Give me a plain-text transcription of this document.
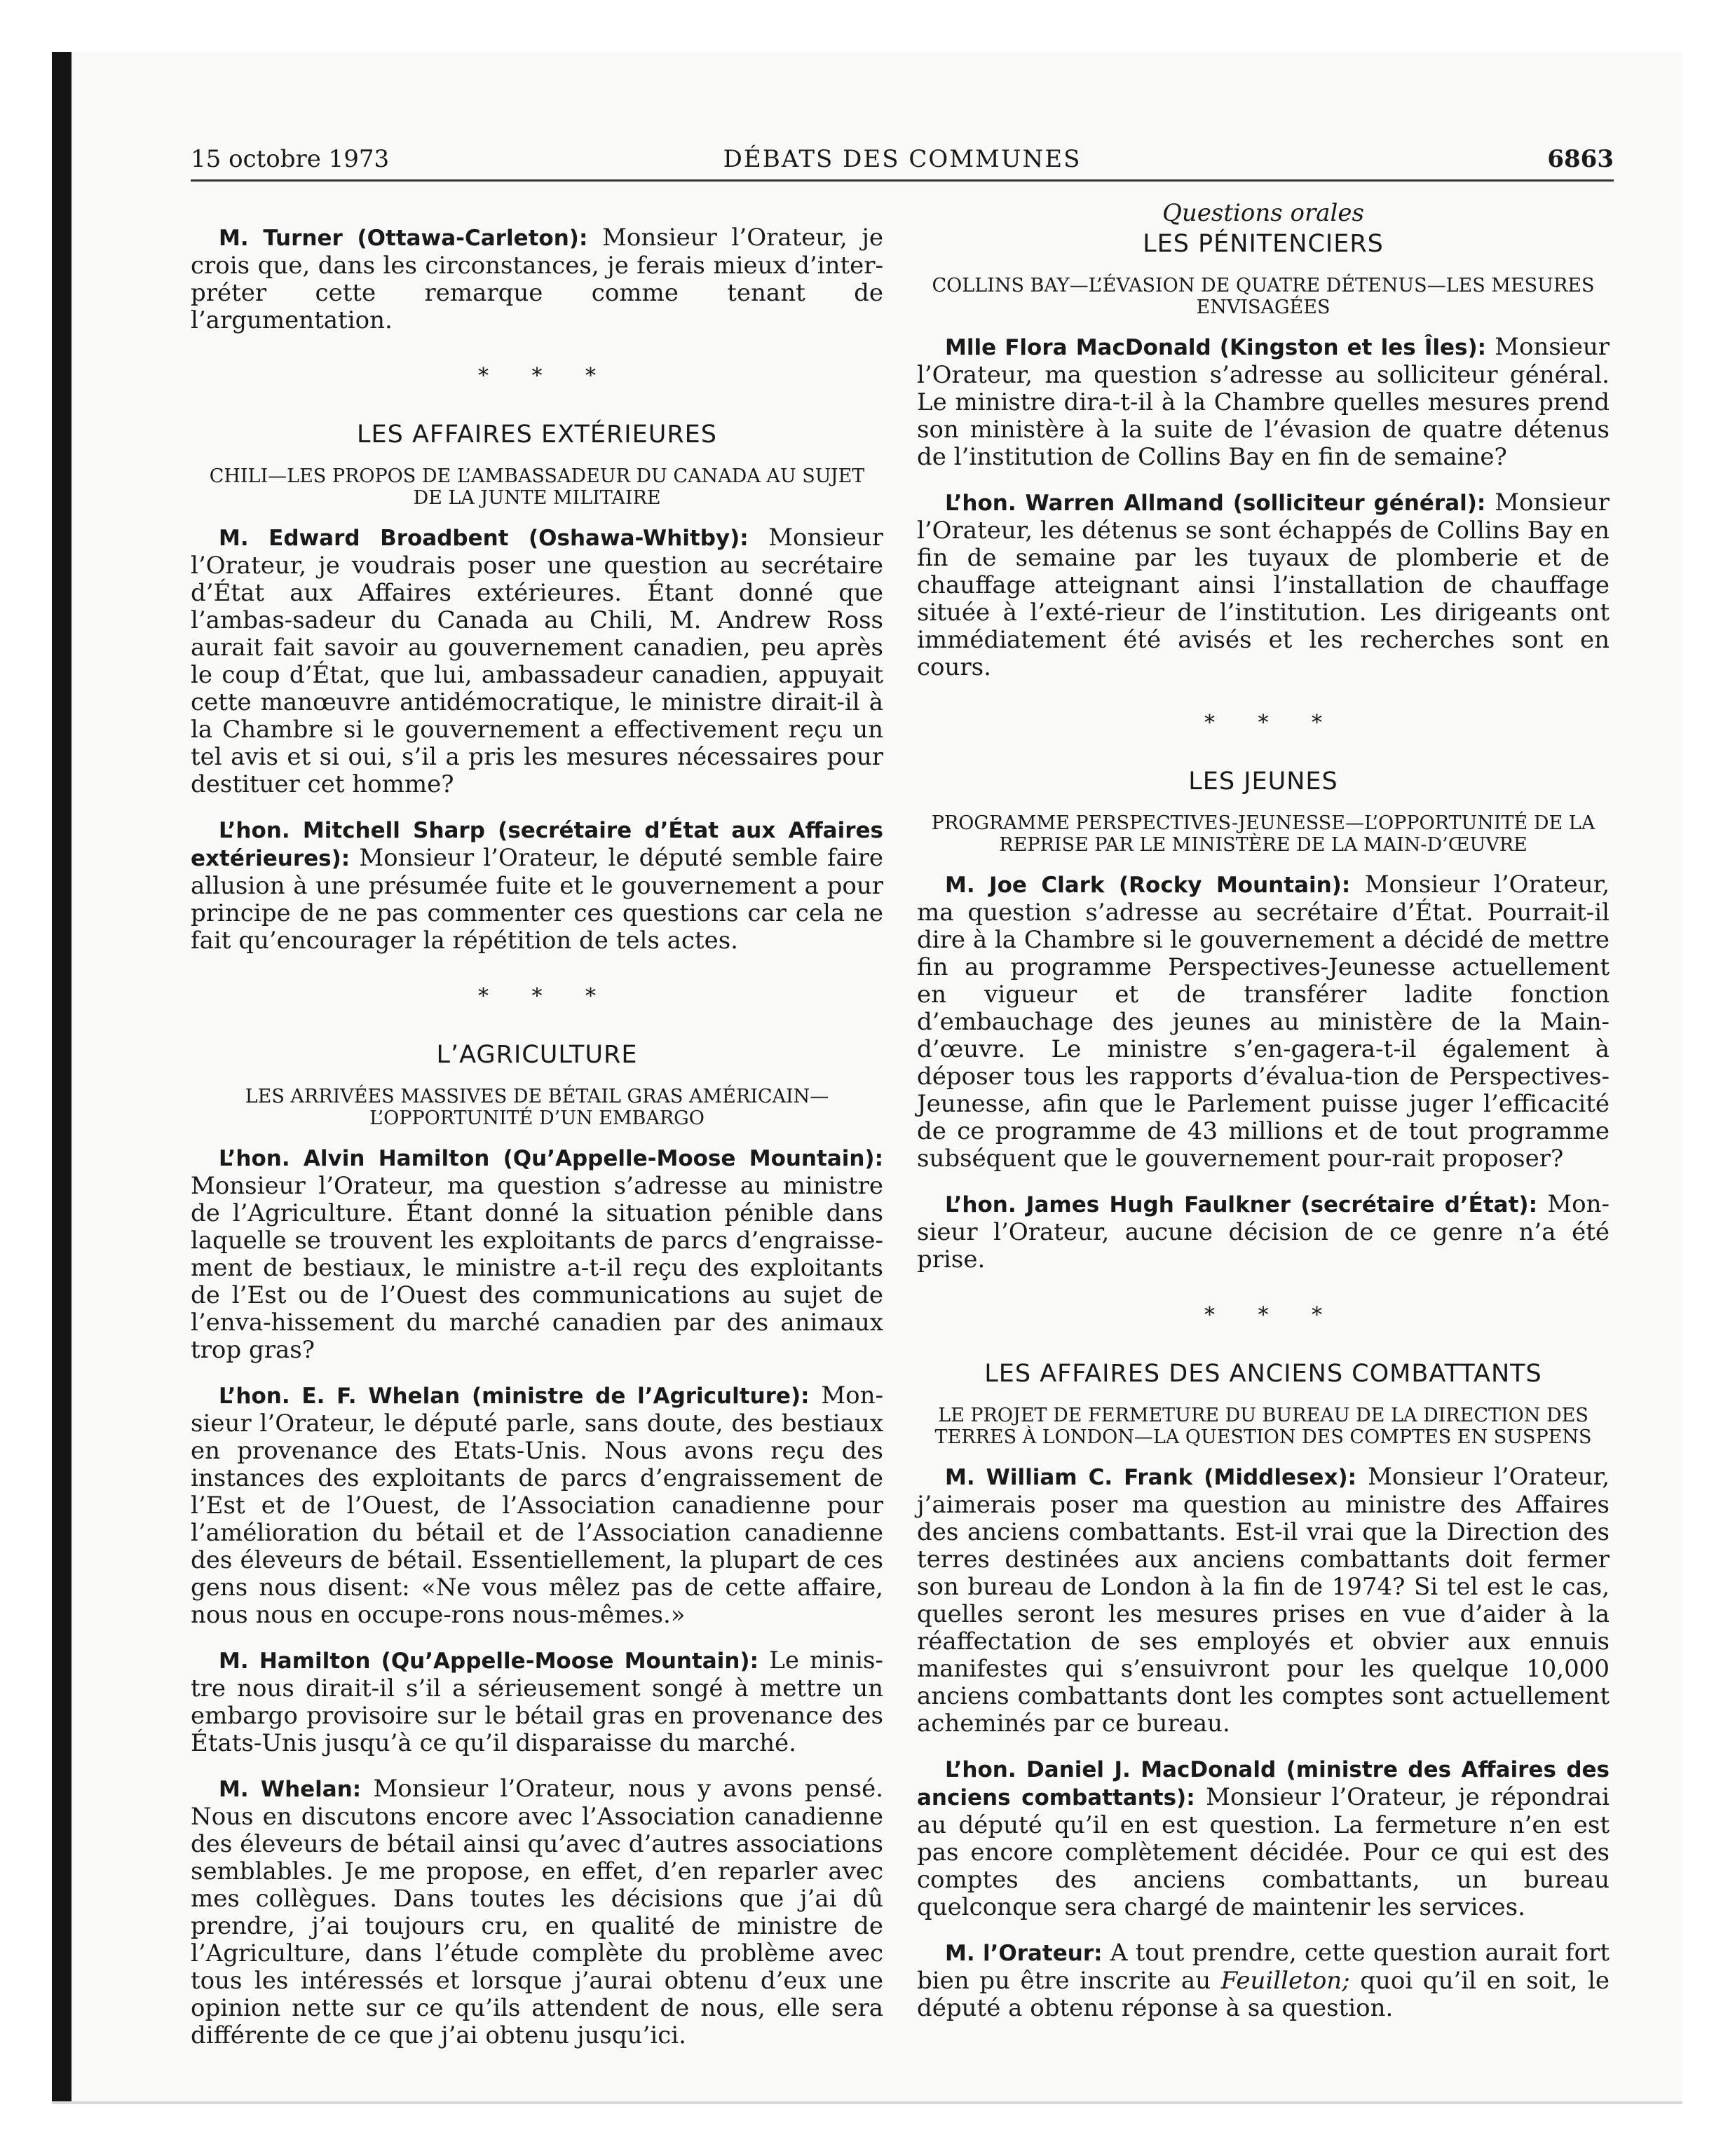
15 octobre 1973	DÉBATS DES COMMUNES	6863

M. Turner (Ottawa-Carleton): Monsieur l’Orateur, je crois que, dans les circonstances, je ferais mieux d’inter-préter cette remarque comme tenant de l’argumentation.

* * *
LES AFFAIRES EXTÉRIEURES
CHILI—LES PROPOS DE L’AMBASSADEUR DU CANADA AU SUJET DE LA JUNTE MILITAIRE

M. Edward Broadbent (Oshawa-Whitby): Monsieur l’Orateur, je voudrais poser une question au secrétaire d’État aux Affaires extérieures. Étant donné que l’ambas-sadeur du Canada au Chili, M. Andrew Ross aurait fait savoir au gouvernement canadien, peu après le coup d’État, que lui, ambassadeur canadien, appuyait cette manœuvre antidémocratique, le ministre dirait-il à la Chambre si le gouvernement a effectivement reçu un tel avis et si oui, s’il a pris les mesures nécessaires pour destituer cet homme?

L’hon. Mitchell Sharp (secrétaire d’État aux Affaires extérieures): Monsieur l’Orateur, le député semble faire allusion à une présumée fuite et le gouvernement a pour principe de ne pas commenter ces questions car cela ne fait qu’encourager la répétition de tels actes.

* * *
L’AGRICULTURE
LES ARRIVÉES MASSIVES DE BÉTAIL GRAS AMÉRICAIN—L’OPPORTUNITÉ D’UN EMBARGO

L’hon. Alvin Hamilton (Qu’Appelle-Moose Mountain): Monsieur l’Orateur, ma question s’adresse au ministre de l’Agriculture. Étant donné la situation pénible dans laquelle se trouvent les exploitants de parcs d’engraisse-ment de bestiaux, le ministre a-t-il reçu des exploitants de l’Est ou de l’Ouest des communications au sujet de l’enva-hissement du marché canadien par des animaux trop gras?

L’hon. E. F. Whelan (ministre de l’Agriculture): Mon-sieur l’Orateur, le député parle, sans doute, des bestiaux en provenance des Etats-Unis. Nous avons reçu des instances des exploitants de parcs d’engraissement de l’Est et de l’Ouest, de l’Association canadienne pour l’amélioration du bétail et de l’Association canadienne des éleveurs de bétail. Essentiellement, la plupart de ces gens nous disent: «Ne vous mêlez pas de cette affaire, nous nous en occupe-rons nous-mêmes.»

M. Hamilton (Qu’Appelle-Moose Mountain): Le minis-tre nous dirait-il s’il a sérieusement songé à mettre un embargo provisoire sur le bétail gras en provenance des États-Unis jusqu’à ce qu’il disparaisse du marché.

M. Whelan: Monsieur l’Orateur, nous y avons pensé. Nous en discutons encore avec l’Association canadienne des éleveurs de bétail ainsi qu’avec d’autres associations semblables. Je me propose, en effet, d’en reparler avec mes collègues. Dans toutes les décisions que j’ai dû prendre, j’ai toujours cru, en qualité de ministre de l’Agriculture, dans l’étude complète du problème avec tous les intéressés et lorsque j’aurai obtenu d’eux une opinion nette sur ce qu’ils attendent de nous, elle sera différente de ce que j’ai obtenu jusqu’ici.

Questions orales
LES PÉNITENCIERS
COLLINS BAY—L’ÉVASION DE QUATRE DÉTENUS—LES MESURES ENVISAGÉES

Mlle Flora MacDonald (Kingston et les Îles): Monsieur l’Orateur, ma question s’adresse au solliciteur général. Le ministre dira-t-il à la Chambre quelles mesures prend son ministère à la suite de l’évasion de quatre détenus de l’institution de Collins Bay en fin de semaine?

L’hon. Warren Allmand (solliciteur général): Monsieur l’Orateur, les détenus se sont échappés de Collins Bay en fin de semaine par les tuyaux de plomberie et de chauffage atteignant ainsi l’installation de chauffage située à l’exté-rieur de l’institution. Les dirigeants ont immédiatement été avisés et les recherches sont en cours.

* * *
LES JEUNES
PROGRAMME PERSPECTIVES-JEUNESSE—L’OPPORTUNITÉ DE LA REPRISE PAR LE MINISTÈRE DE LA MAIN-D’ŒUVRE

M. Joe Clark (Rocky Mountain): Monsieur l’Orateur, ma question s’adresse au secrétaire d’État. Pourrait-il dire à la Chambre si le gouvernement a décidé de mettre fin au programme Perspectives-Jeunesse actuellement en vigueur et de transférer ladite fonction d’embauchage des jeunes au ministère de la Main-d’œuvre. Le ministre s’en-gagera-t-il également à déposer tous les rapports d’évalua-tion de Perspectives-Jeunesse, afin que le Parlement puisse juger l’efficacité de ce programme de 43 millions et de tout programme subséquent que le gouvernement pour-rait proposer?

L’hon. James Hugh Faulkner (secrétaire d’État): Mon-sieur l’Orateur, aucune décision de ce genre n’a été prise.

* * *
LES AFFAIRES DES ANCIENS COMBATTANTS
LE PROJET DE FERMETURE DU BUREAU DE LA DIRECTION DES TERRES À LONDON—LA QUESTION DES COMPTES EN SUSPENS

M. William C. Frank (Middlesex): Monsieur l’Orateur, j’aimerais poser ma question au ministre des Affaires des anciens combattants. Est-il vrai que la Direction des terres destinées aux anciens combattants doit fermer son bureau de London à la fin de 1974? Si tel est le cas, quelles seront les mesures prises en vue d’aider à la réaffectation de ses employés et obvier aux ennuis manifestes qui s’ensuivront pour les quelque 10,000 anciens combattants dont les comptes sont actuellement acheminés par ce bureau.

L’hon. Daniel J. MacDonald (ministre des Affaires des anciens combattants): Monsieur l’Orateur, je répondrai au député qu’il en est question. La fermeture n’en est pas encore complètement décidée. Pour ce qui est des comptes des anciens combattants, un bureau quelconque sera chargé de maintenir les services.

M. l’Orateur: A tout prendre, cette question aurait fort bien pu être inscrite au Feuilleton; quoi qu’il en soit, le député a obtenu réponse à sa question.
